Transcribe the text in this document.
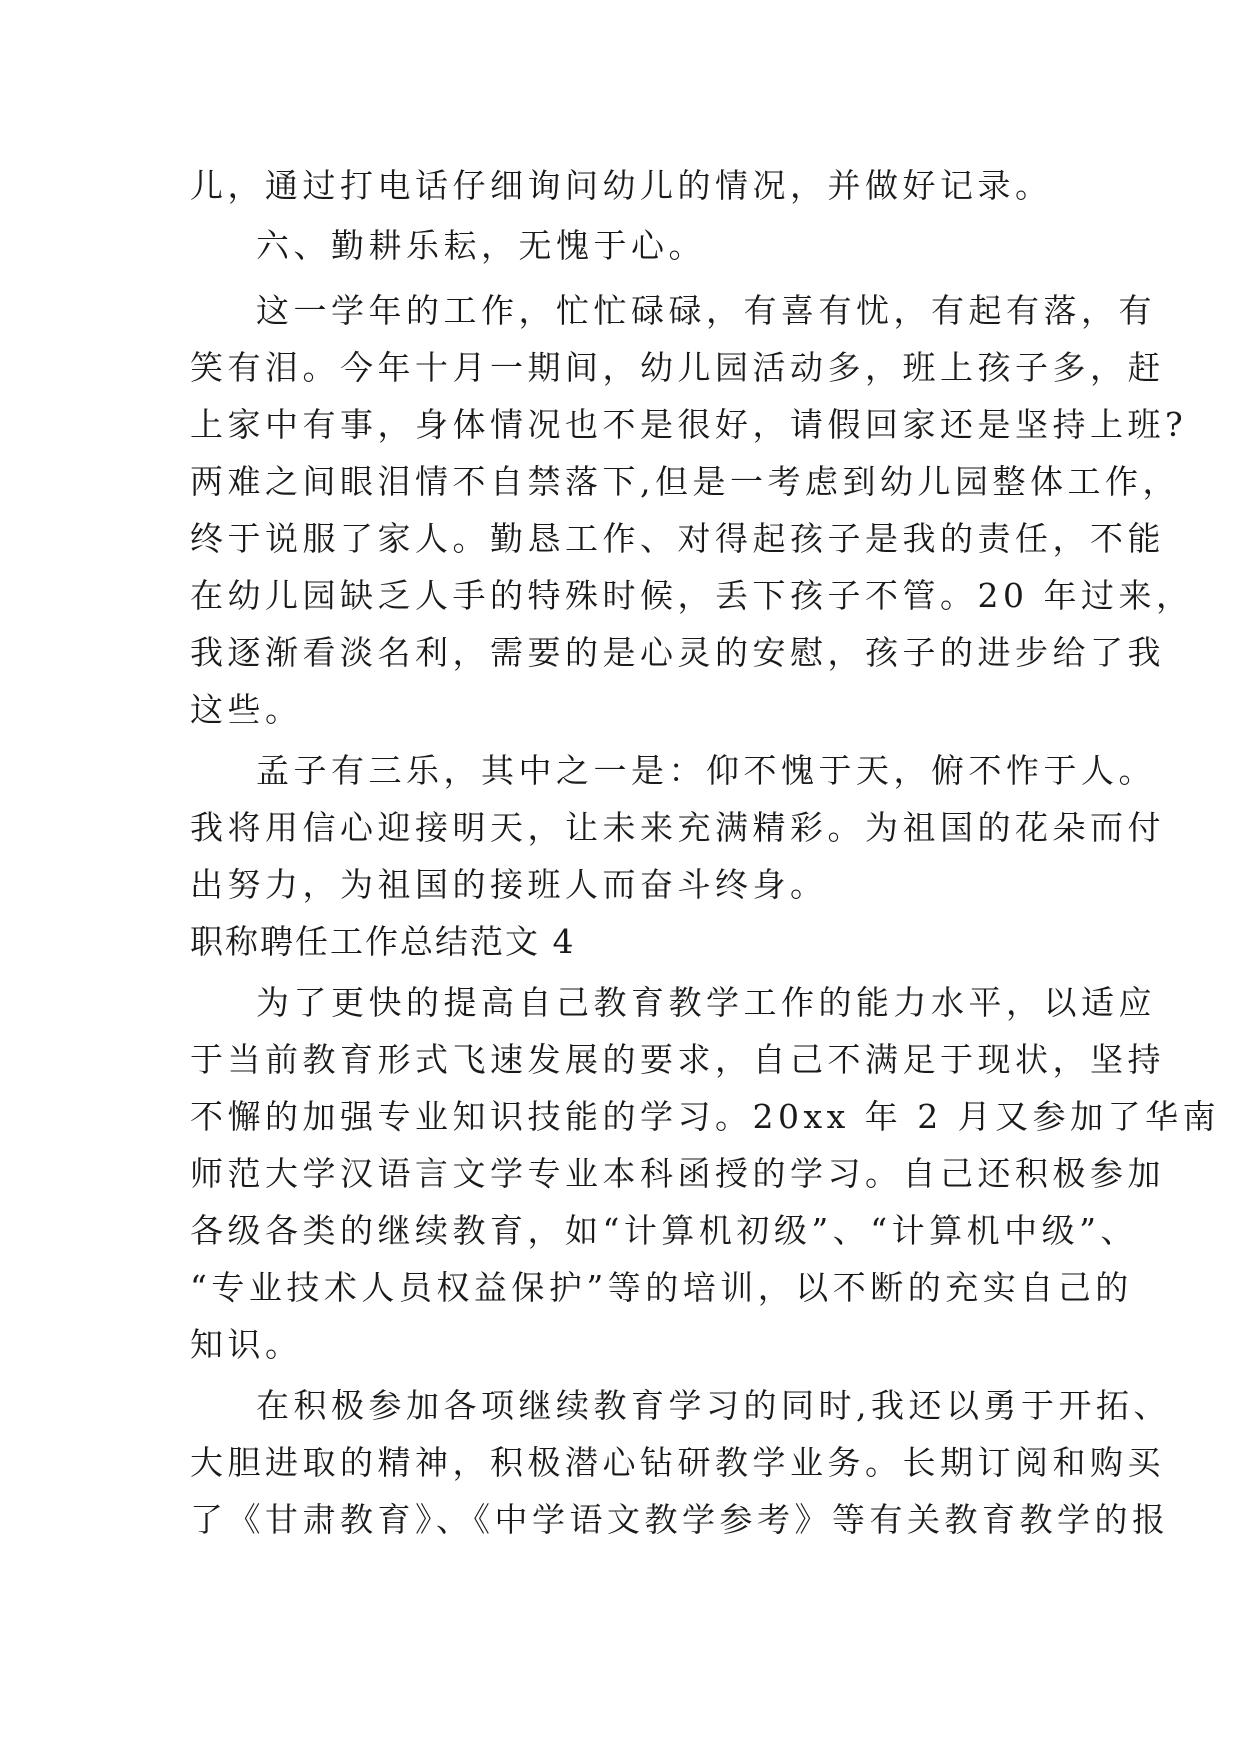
儿，通过打电话仔细询问幼儿的情况，并做好记录。

六、勤耕乐耘，无愧于心。

这一学年的工作，忙忙碌碌，有喜有忧，有起有落，有

笑有泪。今年十月一期间，幼儿园活动多，班上孩子多，赶

上家中有事，身体情况也不是很好，请假回家还是坚持上班?

两难之间眼泪情不自禁落下,但是一考虑到幼儿园整体工作，

终于说服了家人。勤恳工作、对得起孩子是我的责任，不能

在幼儿园缺乏人手的特殊时候，丢下孩子不管。20 年过来，

我逐渐看淡名利，需要的是心灵的安慰，孩子的进步给了我

这些。

孟子有三乐，其中之一是：仰不愧于天，俯不怍于人。

我将用信心迎接明天，让未来充满精彩。为祖国的花朵而付

出努力，为祖国的接班人而奋斗终身。

职称聘任工作总结范文 4

为了更快的提高自己教育教学工作的能力水平，以适应

于当前教育形式飞速发展的要求，自己不满足于现状，坚持

不懈的加强专业知识技能的学习。20xx 年 2 月又参加了华南

师范大学汉语言文学专业本科函授的学习。自己还积极参加

各级各类的继续教育，如“计算机初级”、“计算机中级”、

“专业技术人员权益保护”等的培训，以不断的充实自己的

知识。

在积极参加各项继续教育学习的同时,我还以勇于开拓、

大胆进取的精神，积极潜心钻研教学业务。长期订阅和购买

了《甘肃教育》、《中学语文教学参考》等有关教育教学的报
